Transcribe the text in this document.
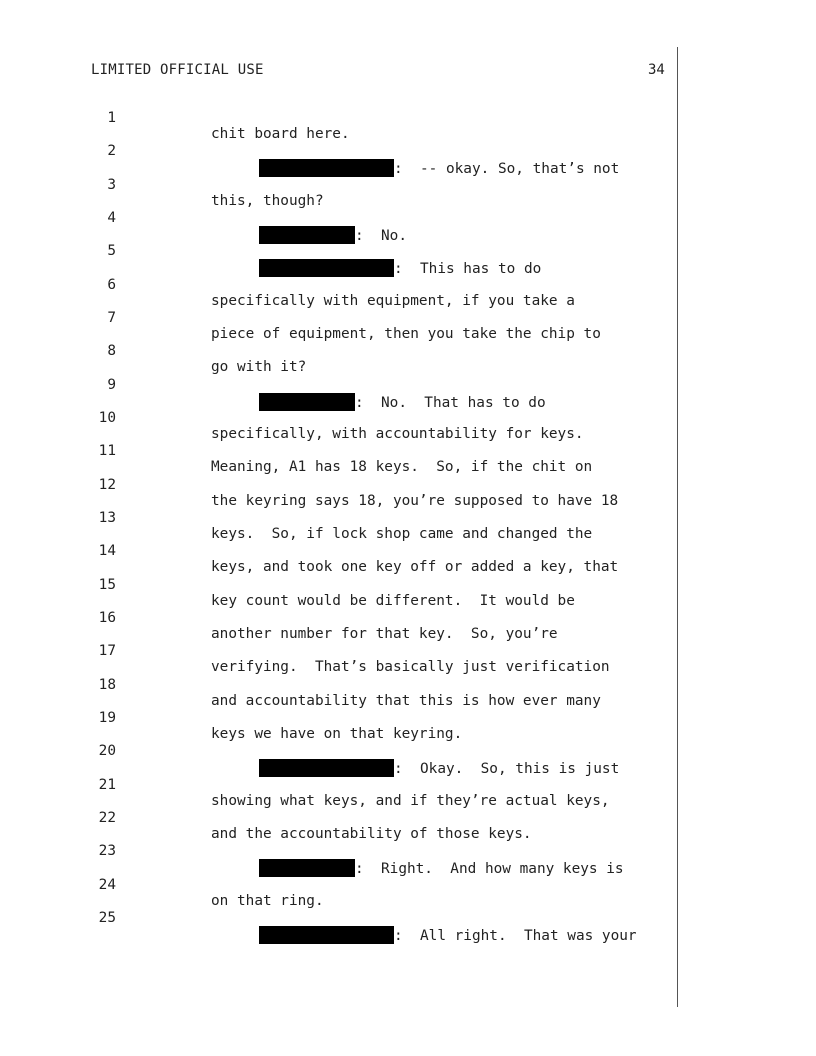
LIMITED OFFICIAL USE	34

1

chit board here.

2

:  -- okay. So, that’s not

3

this, though?

4

:  No.

5

:  This has to do

6

specifically with equipment, if you take a

7

piece of equipment, then you take the chip to

8

go with it?

9

:  No.  That has to do

10

specifically, with accountability for keys.

11

Meaning, A1 has 18 keys.  So, if the chit on

12

the keyring says 18, you’re supposed to have 18

13

keys.  So, if lock shop came and changed the

14

keys, and took one key off or added a key, that

15

key count would be different.  It would be

16

another number for that key.  So, you’re

17

verifying.  That’s basically just verification

18

and accountability that this is how ever many

19

keys we have on that keyring.

20

:  Okay.  So, this is just

21

showing what keys, and if they’re actual keys,

22

and the accountability of those keys.

23

:  Right.  And how many keys is

24

on that ring.

25

:  All right.  That was your
